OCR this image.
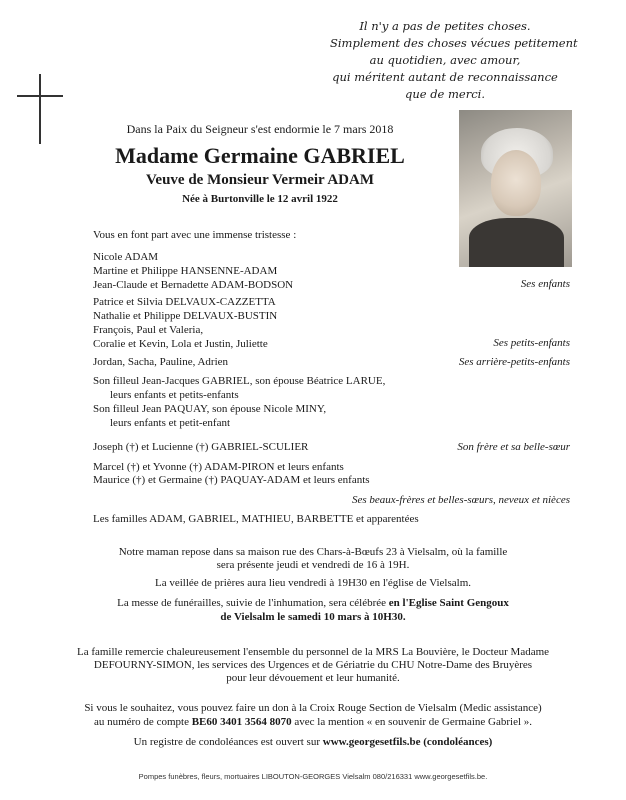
Il n'y a pas de petites choses.
Simplement des choses vécues petitement
au quotidien, avec amour,
qui méritent autant de reconnaissance
que de merci.
Dans la Paix du Seigneur s'est endormie le 7 mars 2018
Madame Germaine GABRIEL
Veuve de Monsieur Vermeir ADAM
Née à Burtonville le 12 avril 1922
Vous en font part avec une immense tristesse :
Nicole ADAM
Martine et Philippe HANSENNE-ADAM
Jean-Claude et Bernadette ADAM-BODSON	Ses enfants
Patrice et Silvia DELVAUX-CAZZETTA
Nathalie et Philippe DELVAUX-BUSTIN
François, Paul et Valeria,
Coralie et Kevin, Lola et Justin, Juliette	Ses petits-enfants
Jordan, Sacha, Pauline, Adrien	Ses arrière-petits-enfants
Son filleul Jean-Jacques GABRIEL, son épouse Béatrice LARUE,
leurs enfants et petits-enfants
Son filleul Jean PAQUAY, son épouse Nicole MINY,
leurs enfants et petit-enfant
Joseph (†) et Lucienne (†) GABRIEL-SCULIER	Son frère et sa belle-sœur
Marcel (†) et Yvonne (†) ADAM-PIRON et leurs enfants
Maurice (†) et Germaine (†) PAQUAY-ADAM et leurs enfants
Ses beaux-frères et belles-sœurs, neveux et nièces
Les familles ADAM, GABRIEL, MATHIEU, BARBETTE et apparentées
Notre maman repose dans sa maison rue des Chars-à-Bœufs 23 à Vielsalm, où la famille
sera présente jeudi et vendredi de 16 à 19H.
La veillée de prières aura lieu vendredi à 19H30 en l'église de Vielsalm.
La messe de funérailles, suivie de l'inhumation, sera célébrée en l'Eglise Saint Gengoux
de Vielsalm le samedi 10 mars à 10H30.
La famille remercie chaleureusement l'ensemble du personnel de la MRS La Bouvière, le Docteur Madame
DEFOURNY-SIMON, les services des Urgences et de Gériatrie du CHU Notre-Dame des Bruyères
pour leur dévouement et leur humanité.
Si vous le souhaitez, vous pouvez faire un don à la Croix Rouge Section de Vielsalm (Medic assistance)
au numéro de compte BE60 3401 3564 8070 avec la mention « en souvenir de Germaine Gabriel ».
Un registre de condoléances est ouvert sur www.georgesetfils.be (condoléances)
Pompes funèbres, fleurs, mortuaires LIBOUTON-GEORGES Vielsalm 080/216331 www.georgesetfils.be.
